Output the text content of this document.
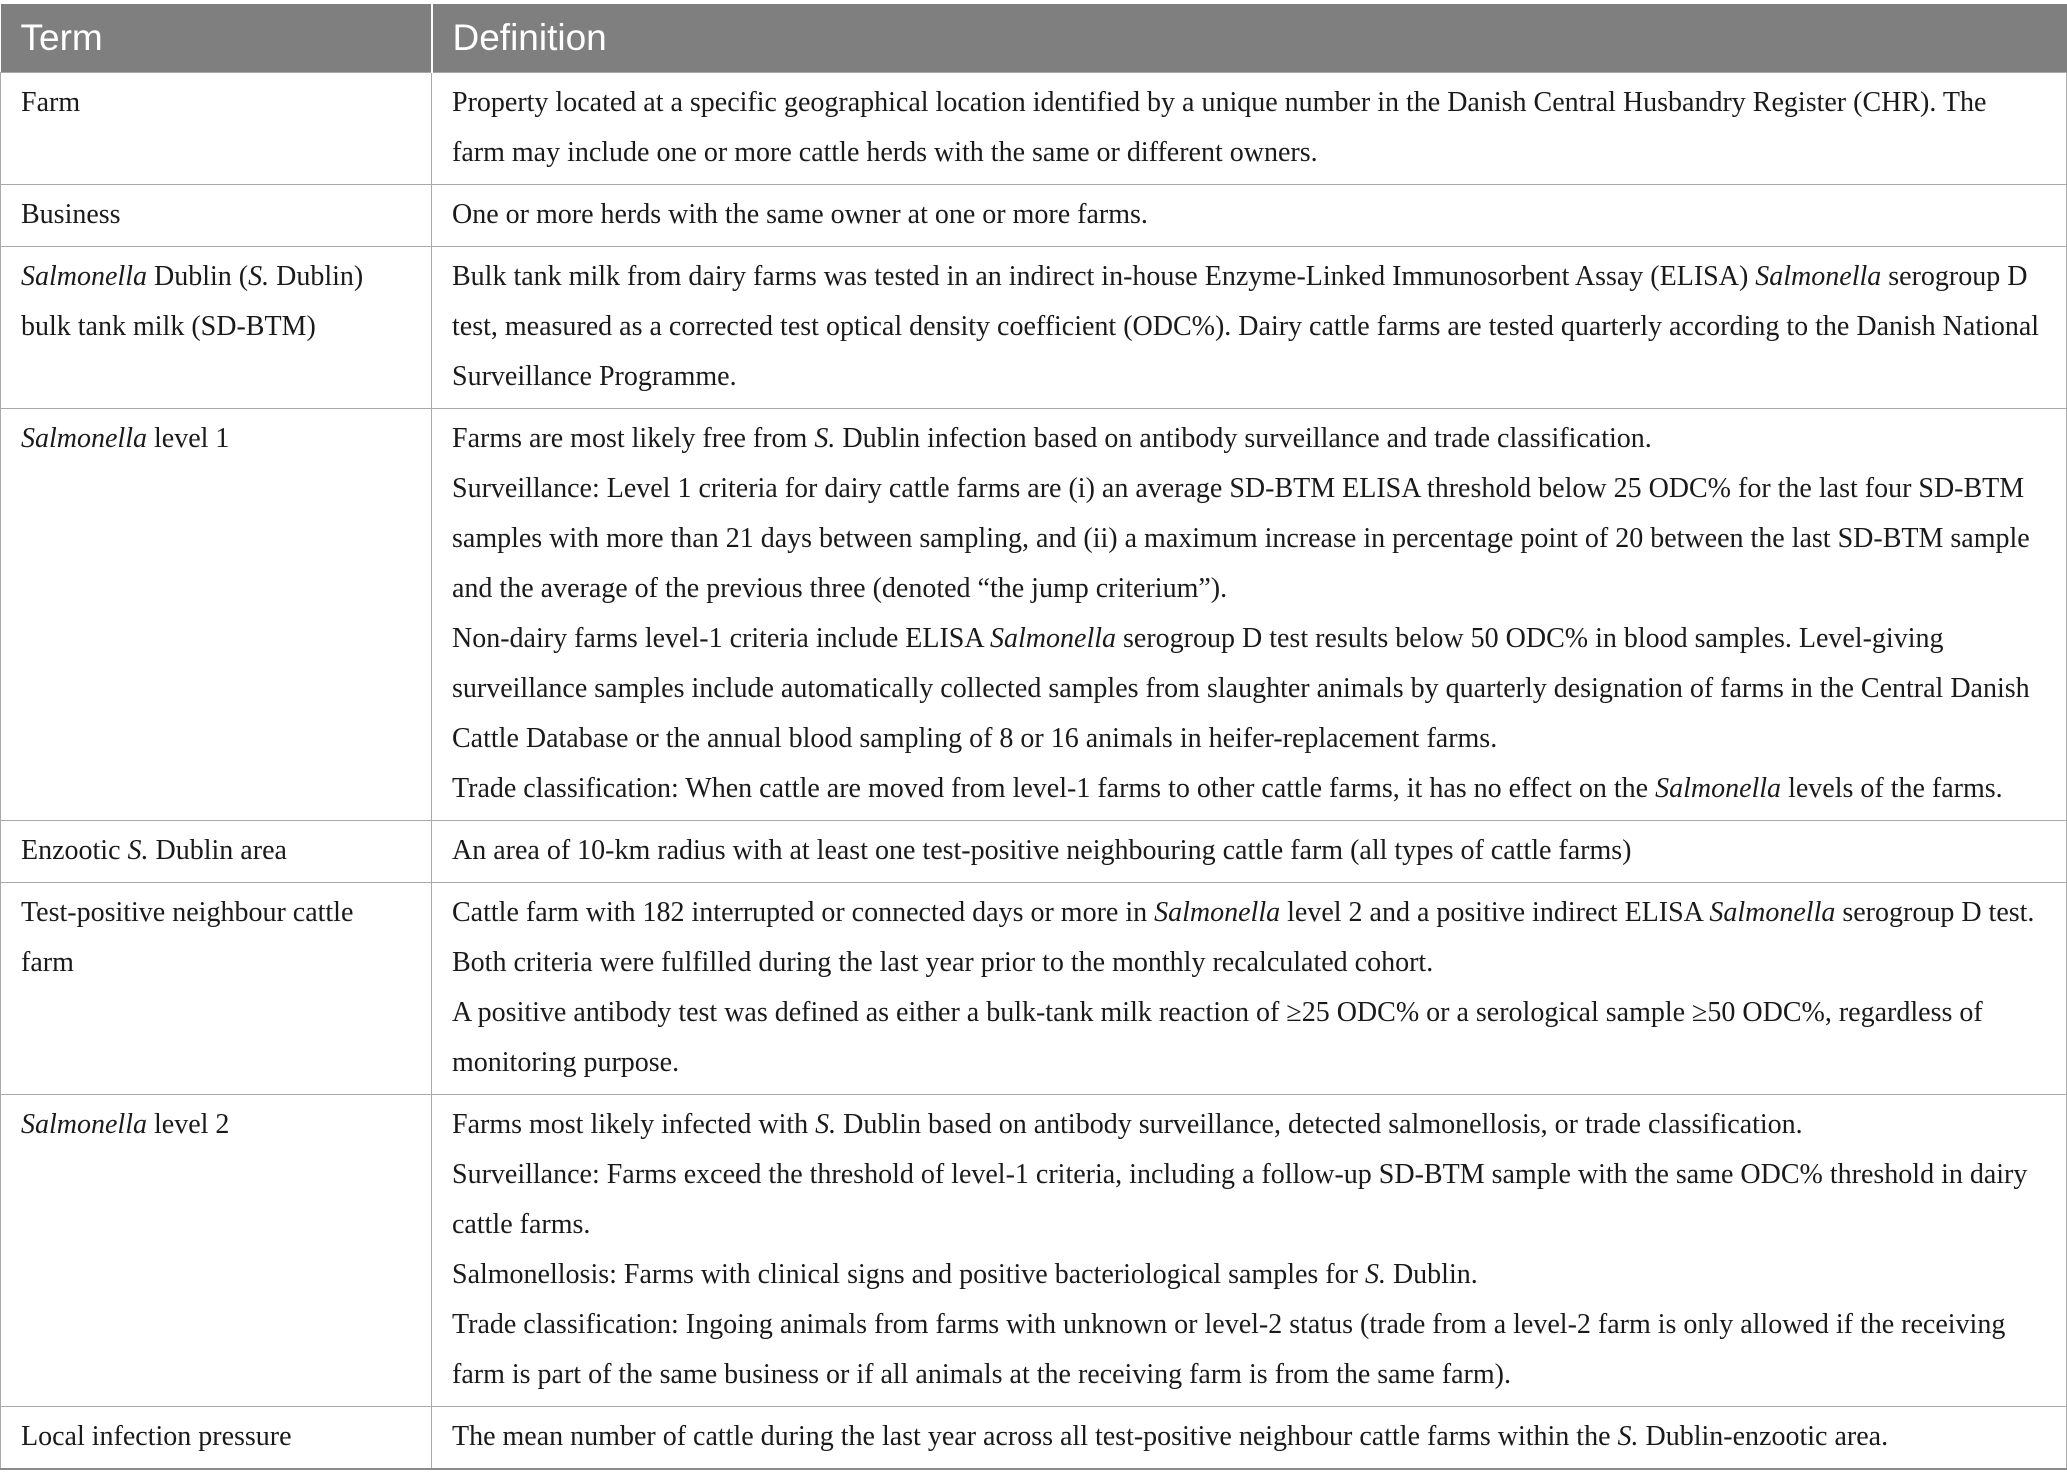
Term	Definition
Farm	Property located at a specific geographical location identified by a unique number in the Danish Central Husbandry Register (CHR). The farm may include one or more cattle herds with the same or different owners.

Business	One or more herds with the same owner at one or more farms.

Salmonella Dublin (S. Dublin) bulk tank milk (SD-BTM)	Bulk tank milk from dairy farms was tested in an indirect in-house Enzyme-Linked Immunosorbent Assay (ELISA) Salmonella serogroup D test, measured as a corrected test optical density coefficient (ODC%). Dairy cattle farms are tested quarterly according to the Danish National Surveillance Programme.

Salmonella level 1	Farms are most likely free from S. Dublin infection based on antibody surveillance and trade classification.
Surveillance: Level 1 criteria for dairy cattle farms are (i) an average SD-BTM ELISA threshold below 25 ODC% for the last four SD-BTM samples with more than 21 days between sampling, and (ii) a maximum increase in percentage point of 20 between the last SD-BTM sample and the average of the previous three (denoted “the jump criterium”).
Non-dairy farms level-1 criteria include ELISA Salmonella serogroup D test results below 50 ODC% in blood samples. Level-giving surveillance samples include automatically collected samples from slaughter animals by quarterly designation of farms in the Central Danish Cattle Database or the annual blood sampling of 8 or 16 animals in heifer-replacement farms.
Trade classification: When cattle are moved from level-1 farms to other cattle farms, it has no effect on the Salmonella levels of the farms.

Enzootic S. Dublin area	An area of 10-km radius with at least one test-positive neighbouring cattle farm (all types of cattle farms)

Test-positive neighbour cattle farm	Cattle farm with 182 interrupted or connected days or more in Salmonella level 2 and a positive indirect ELISA Salmonella serogroup D test. Both criteria were fulfilled during the last year prior to the monthly recalculated cohort.
A positive antibody test was defined as either a bulk-tank milk reaction of ≥25 ODC% or a serological sample ≥50 ODC%, regardless of monitoring purpose.

Salmonella level 2	Farms most likely infected with S. Dublin based on antibody surveillance, detected salmonellosis, or trade classification.
Surveillance: Farms exceed the threshold of level-1 criteria, including a follow-up SD-BTM sample with the same ODC% threshold in dairy cattle farms.
Salmonellosis: Farms with clinical signs and positive bacteriological samples for S. Dublin.
Trade classification: Ingoing animals from farms with unknown or level-2 status (trade from a level-2 farm is only allowed if the receiving farm is part of the same business or if all animals at the receiving farm is from the same farm).

Local infection pressure	The mean number of cattle during the last year across all test-positive neighbour cattle farms within the S. Dublin-enzootic area.
